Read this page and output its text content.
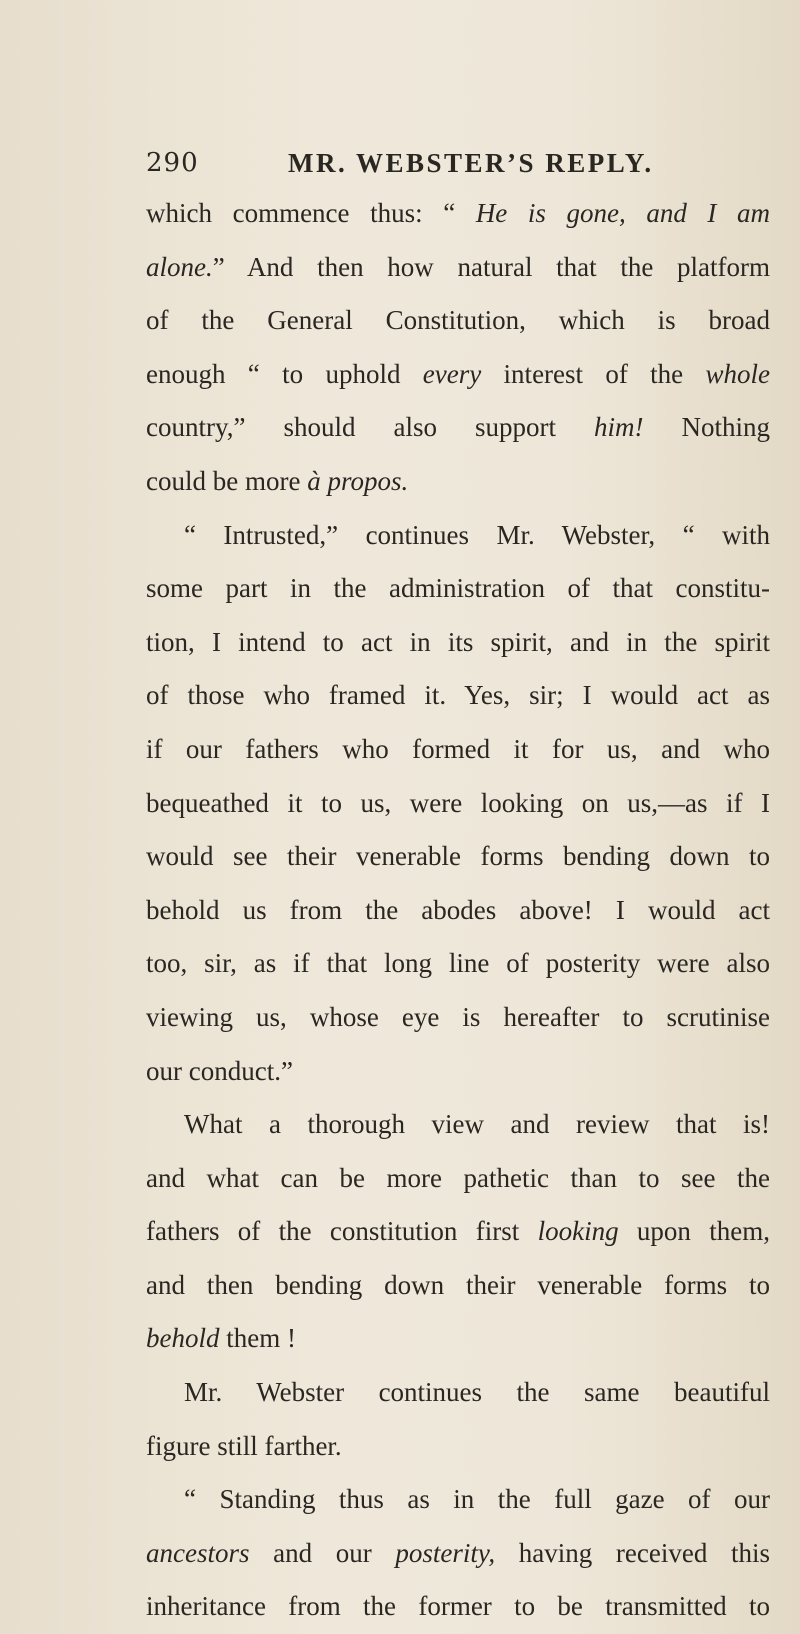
290	MR. WEBSTER’S REPLY.
which commence thus: “ He is gone, and I am
alone.” And then how natural that the platform
of the General Constitution, which is broad
enough “ to uphold every interest of the whole
country,” should also support him! Nothing
could be more à propos.
“ Intrusted,” continues Mr. Webster, “ with
some part in the administration of that constitu-
tion, I intend to act in its spirit, and in the spirit
of those who framed it. Yes, sir; I would act as
if our fathers who formed it for us, and who
bequeathed it to us, were looking on us,—as if I
would see their venerable forms bending down to
behold us from the abodes above! I would act
too, sir, as if that long line of posterity were also
viewing us, whose eye is hereafter to scrutinise
our conduct.”
What a thorough view and review that is!
and what can be more pathetic than to see the
fathers of the constitution first looking upon them,
and then bending down their venerable forms to
behold them !
Mr. Webster continues the same beautiful
figure still farther.
“ Standing thus as in the full gaze of our
ancestors and our posterity, having received this
inheritance from the former to be transmitted to
